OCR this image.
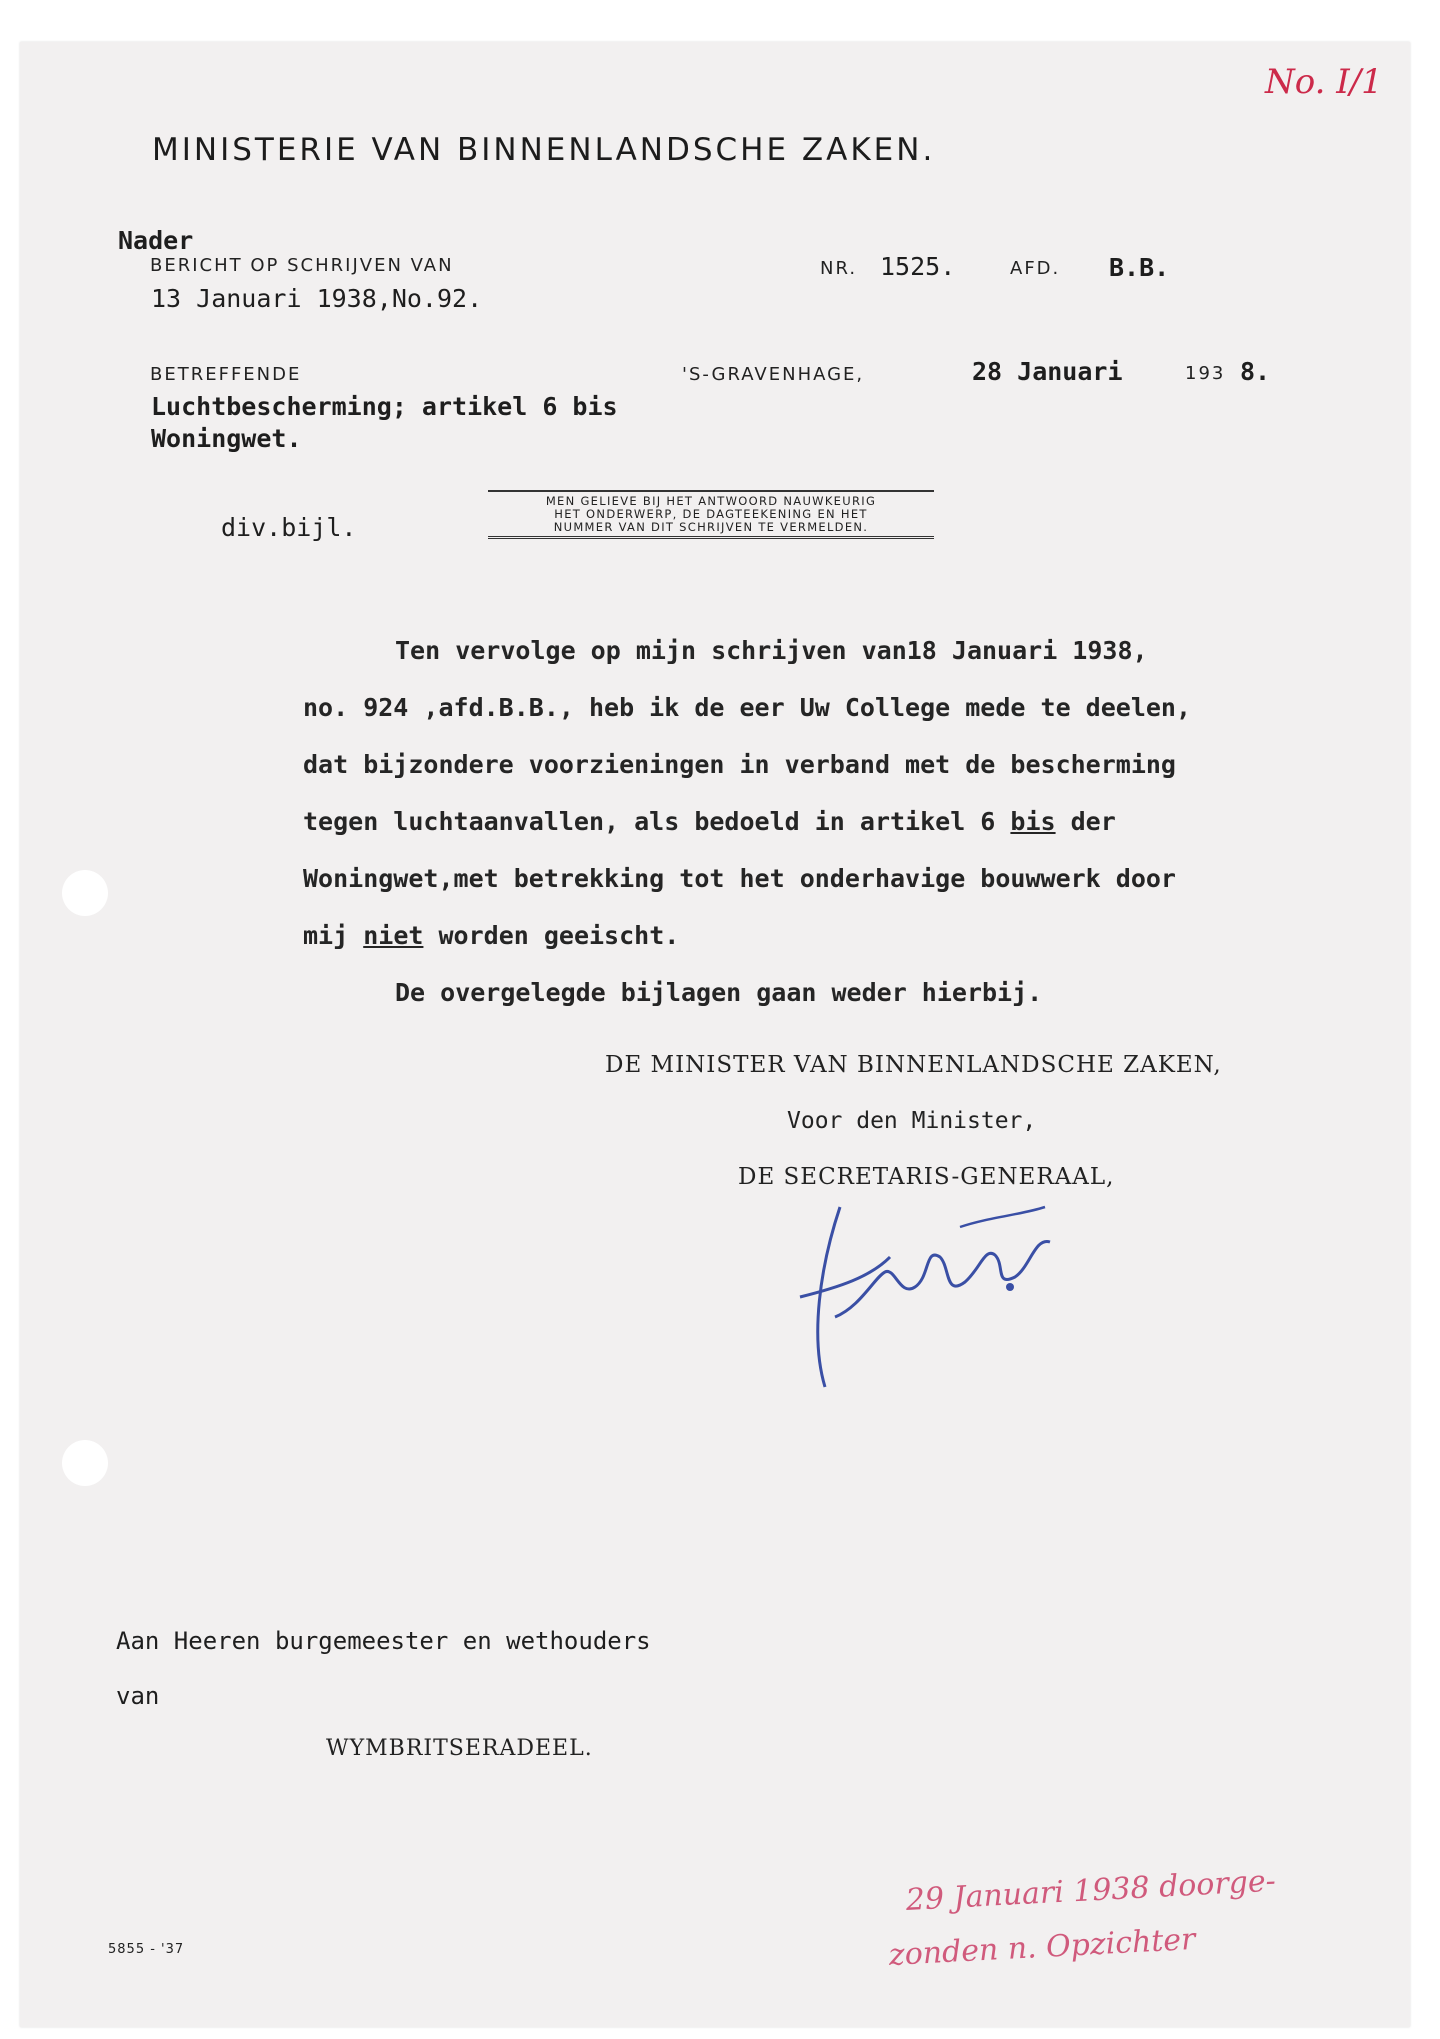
No. I/1
MINISTERIE VAN BINNENLANDSCHE ZAKEN.
Nader
BERICHT OP SCHRIJVEN VAN
13 Januari 1938,No.92.
NR. 1525.	AFD. B.B.
BETREFFENDE	'S-GRAVENHAGE,	28 Januari	193 8.
Luchtbescherming; artikel 6 bis
Woningwet.
MEN GELIEVE BIJ HET ANTWOORD NAUWKEURIG
HET ONDERWERP, DE DAGTEEKENING EN HET
NUMMER VAN DIT SCHRIJVEN TE VERMELDEN.
div.bijl.
Ten vervolge op mijn schrijven van18 Januari 1938,
no. 924 ,afd.B.B., heb ik de eer Uw College mede te deelen,
dat bijzondere voorzieningen in verband met de bescherming
tegen luchtaanvallen, als bedoeld in artikel 6 bis der
Woningwet,met betrekking tot het onderhavige bouwwerk door
mij niet worden geeischt.
De overgelegde bijlagen gaan weder hierbij.
DE MINISTER VAN BINNENLANDSCHE ZAKEN,
Voor den Minister,
DE SECRETARIS-GENERAAL,
Aan Heeren burgemeester en wethouders
van
WYMBRITSERADEEL.
5855 - '37
29 Januari 1938 doorge-
zonden n. Opzichter
